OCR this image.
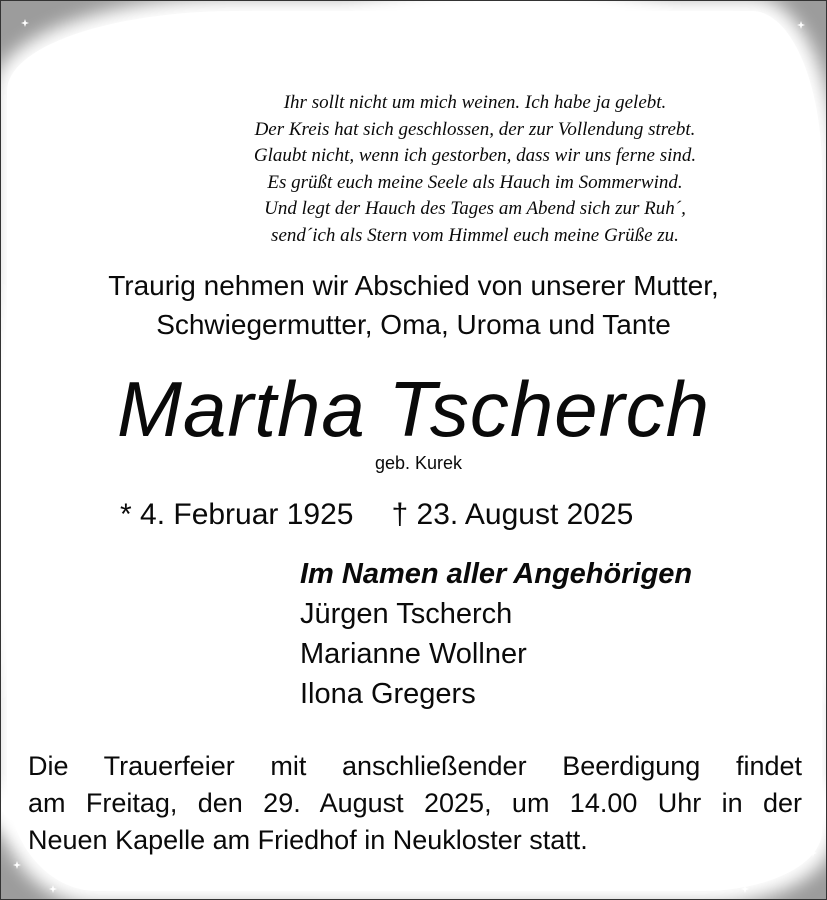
Ihr sollt nicht um mich weinen. Ich habe ja gelebt.
Der Kreis hat sich geschlossen, der zur Vollendung strebt.
Glaubt nicht, wenn ich gestorben, dass wir uns ferne sind.
Es grüßt euch meine Seele als Hauch im Sommerwind.
Und legt der Hauch des Tages am Abend sich zur Ruh´,
send´ich als Stern vom Himmel euch meine Grüße zu.
Traurig nehmen wir Abschied von unserer Mutter,
Schwiegermutter, Oma, Uroma und Tante
Martha Tscherch
geb. Kurek
* 4. Februar 1925 † 23. August 2025
Im Namen aller Angehörigen
Jürgen Tscherch
Marianne Wollner
Ilona Gregers
Die Trauerfeier mit anschließender Beerdigung findet
am Freitag, den 29. August 2025, um 14.00 Uhr in der
Neuen Kapelle am Friedhof in Neukloster statt.
